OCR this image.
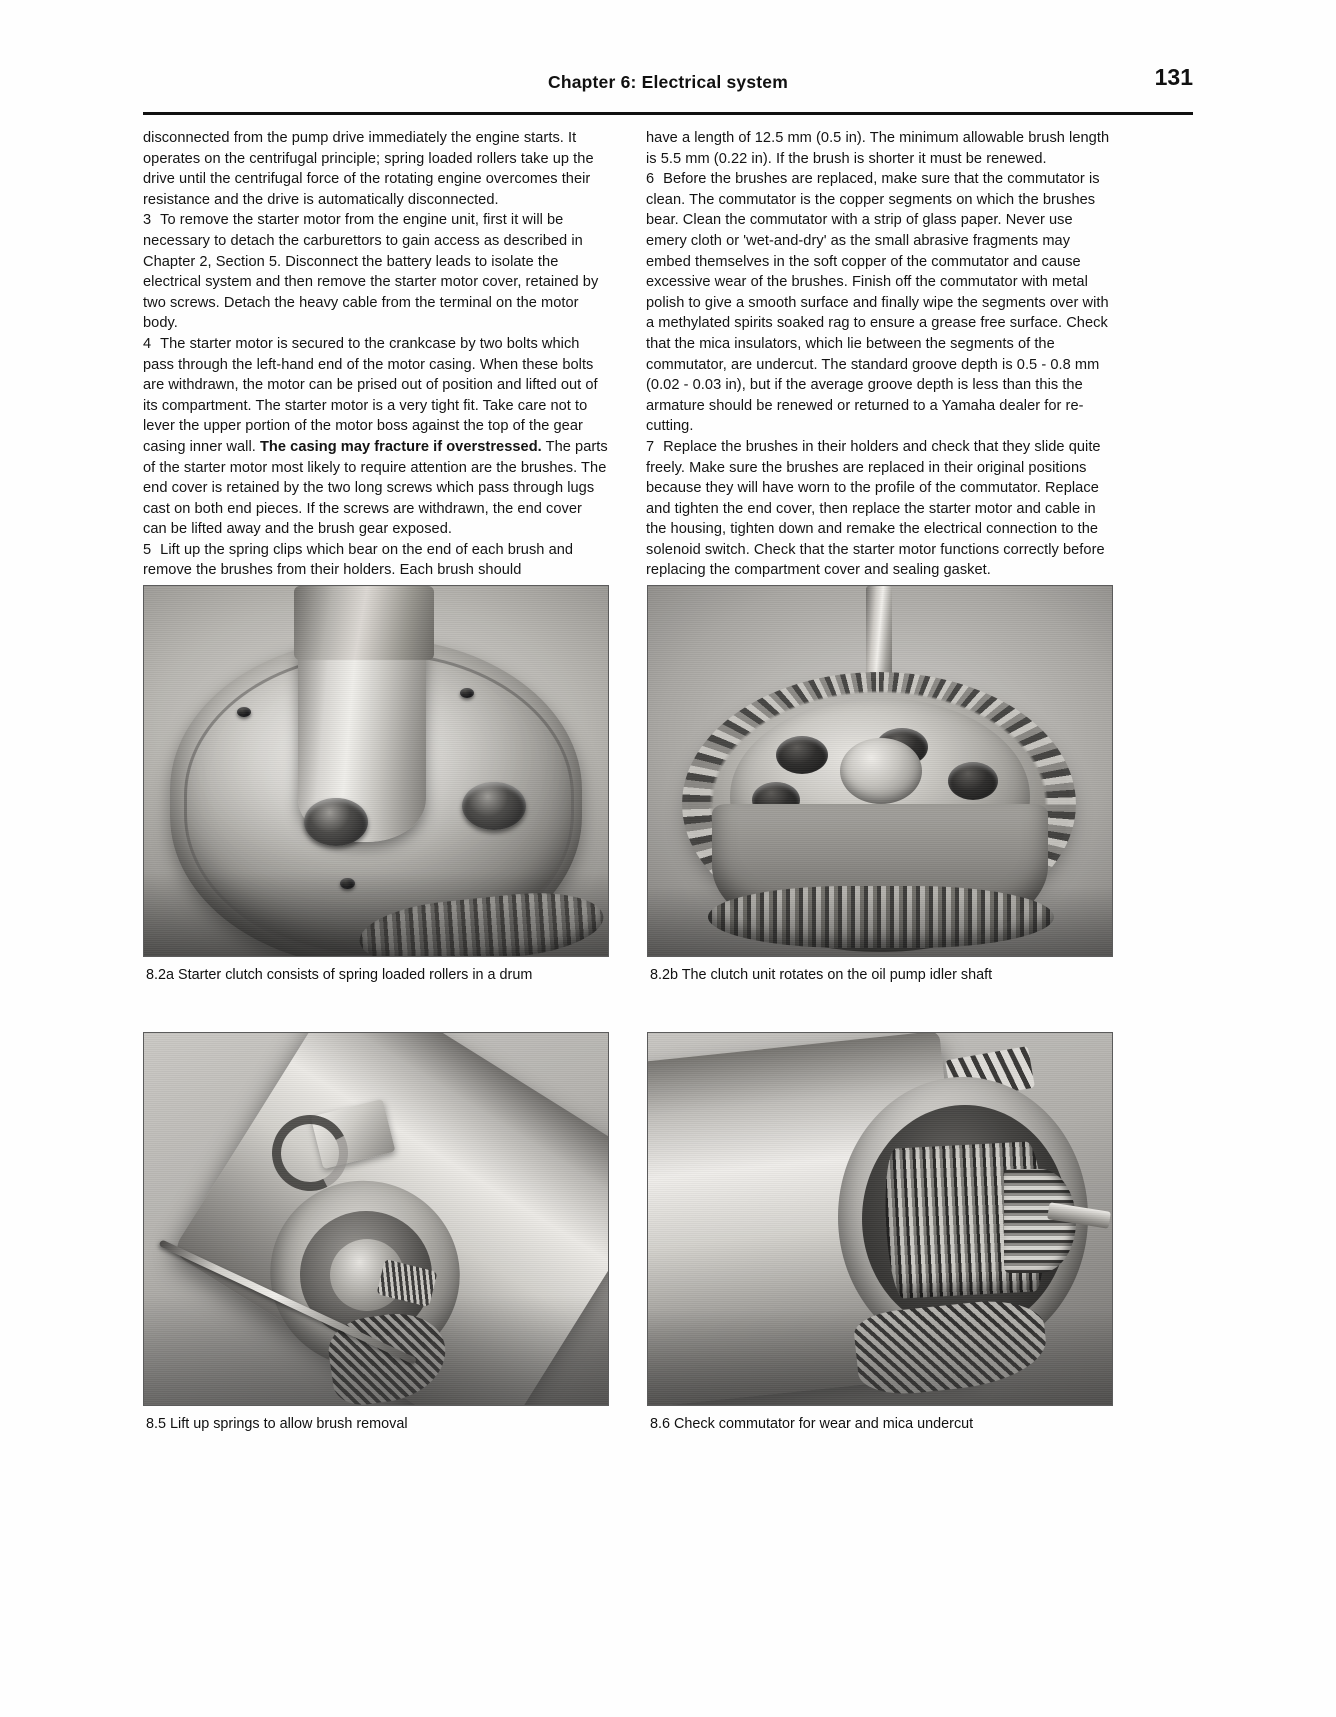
Chapter 6: Electrical system	131

disconnected from the pump drive immediately the engine starts. It operates on the centrifugal principle; spring loaded rollers take up the drive until the centrifugal force of the rotating engine overcomes their resistance and the drive is automatically disconnected.

3 To remove the starter motor from the engine unit, first it will be necessary to detach the carburettors to gain access as described in Chapter 2, Section 5. Disconnect the battery leads to isolate the electrical system and then remove the starter motor cover, retained by two screws. Detach the heavy cable from the terminal on the motor body.

4 The starter motor is secured to the crankcase by two bolts which pass through the left-hand end of the motor casing. When these bolts are withdrawn, the motor can be prised out of position and lifted out of its compartment. The starter motor is a very tight fit. Take care not to lever the upper portion of the motor boss against the top of the gear casing inner wall. The casing may fracture if overstressed. The parts of the starter motor most likely to require attention are the brushes. The end cover is retained by the two long screws which pass through lugs cast on both end pieces. If the screws are withdrawn, the end cover can be lifted away and the brush gear exposed.

5 Lift up the spring clips which bear on the end of each brush and remove the brushes from their holders. Each brush should

have a length of 12.5 mm (0.5 in). The minimum allowable brush length is 5.5 mm (0.22 in). If the brush is shorter it must be renewed.

6 Before the brushes are replaced, make sure that the commutator is clean. The commutator is the copper segments on which the brushes bear. Clean the commutator with a strip of glass paper. Never use emery cloth or 'wet-and-dry' as the small abrasive fragments may embed themselves in the soft copper of the commutator and cause excessive wear of the brushes. Finish off the commutator with metal polish to give a smooth surface and finally wipe the segments over with a methylated spirits soaked rag to ensure a grease free surface. Check that the mica insulators, which lie between the segments of the commutator, are undercut. The standard groove depth is 0.5 - 0.8 mm (0.02 - 0.03 in), but if the average groove depth is less than this the armature should be renewed or returned to a Yamaha dealer for re-cutting.

7 Replace the brushes in their holders and check that they slide quite freely. Make sure the brushes are replaced in their original positions because they will have worn to the profile of the commutator. Replace and tighten the end cover, then replace the starter motor and cable in the housing, tighten down and remake the electrical connection to the solenoid switch. Check that the starter motor functions correctly before replacing the compartment cover and sealing gasket.

8.2a Starter clutch consists of spring loaded rollers in a drum	8.2b The clutch unit rotates on the oil pump idler shaft
8.5 Lift up springs to allow brush removal	8.6 Check commutator for wear and mica undercut
